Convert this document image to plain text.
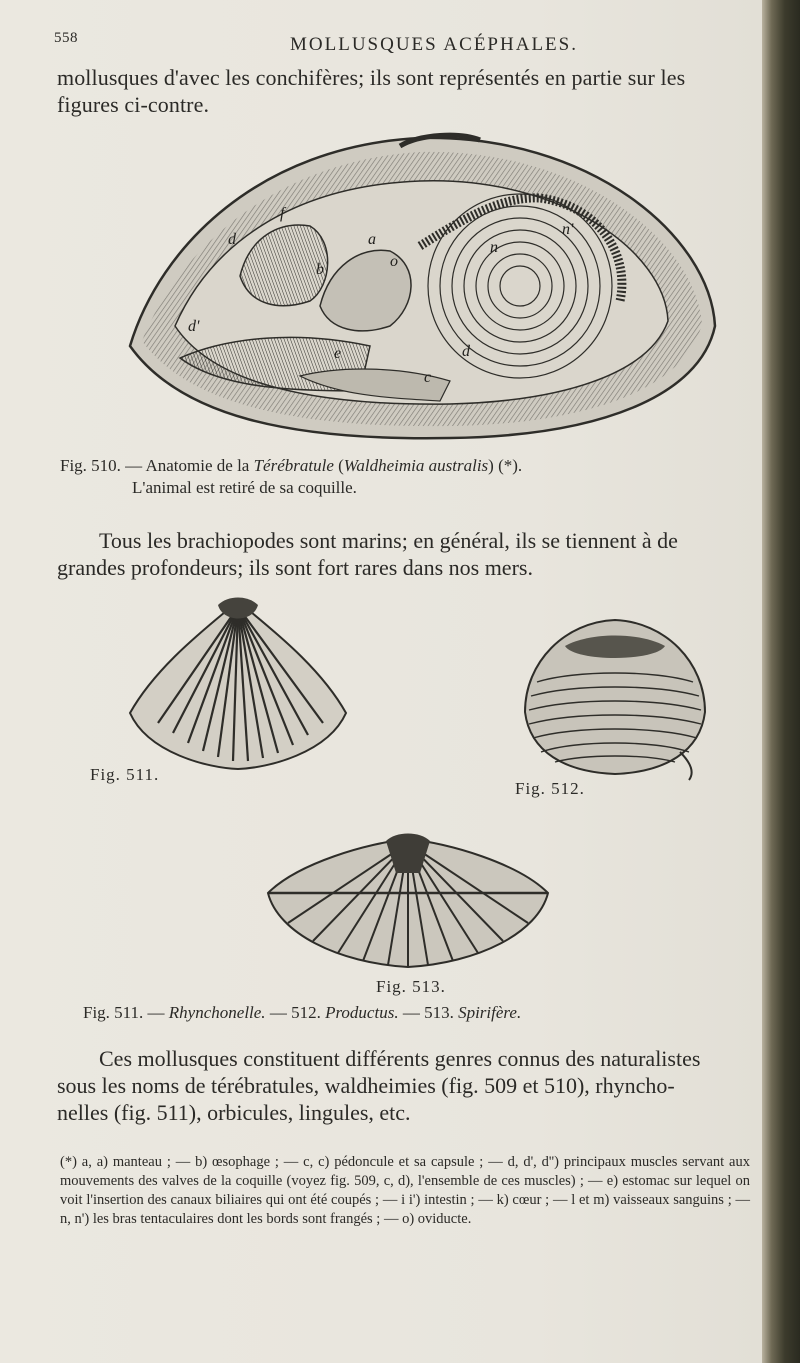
558	MOLLUSQUES ACÉPHALES.
mollusques d'avec les conchifères; ils sont représentés en partie sur les
figures ci-contre.
d
f
b
a
e
c
n
n'
o
d'
d
Fig. 510. — Anatomie de la Térébratule (Waldheimia australis) (*).
L'animal est retiré de sa coquille.
Tous les brachiopodes sont marins; en général, ils se tiennent à de
grandes profondeurs; ils sont fort rares dans nos mers.
Fig. 511.
Fig. 512.
Fig. 513.
Fig. 511. — Rhynchonelle. — 512. Productus. — 513. Spirifère.
Ces mollusques constituent différents genres connus des naturalistes
sous les noms de térébratules, waldheimies (fig. 509 et 510), rhyncho-
nelles (fig. 511), orbicules, lingules, etc.
(*) a, a) manteau ; — b) œsophage ; — c, c) pédoncule et sa capsule ; — d, d', d'') principaux muscles servant aux mouvements des valves de la coquille (voyez fig. 509, c, d), l'ensemble de ces muscles) ; — e) estomac sur lequel on voit l'insertion des canaux biliaires qui ont été coupés ; — i i') intestin ; — k) cœur ; — l et m) vaisseaux sanguins ; — n, n') les bras tentaculaires dont les bords sont frangés ; — o) oviducte.
